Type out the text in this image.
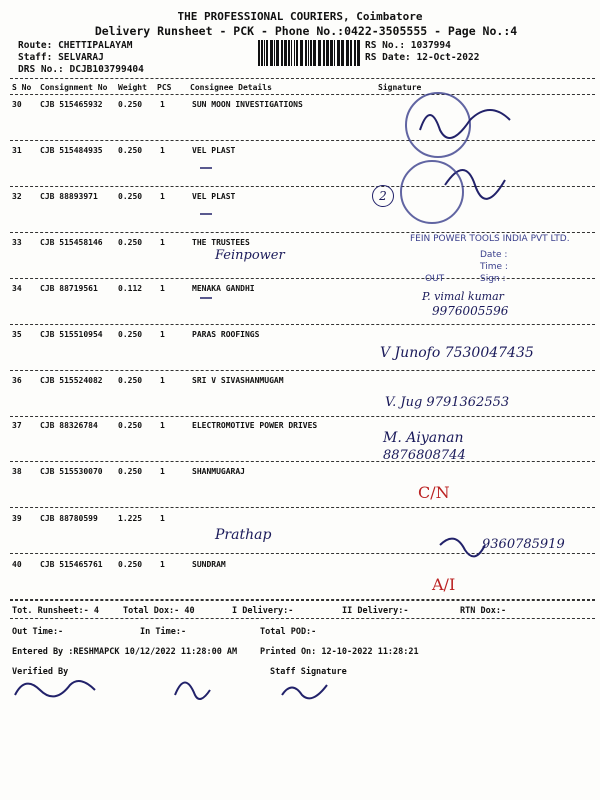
THE PROFESSIONAL COURIERS, Coimbatore
Delivery Runsheet - PCK - Phone No.:0422-3505555 - Page No.:4
Route: CHETTIPALAYAM
Staff: SELVARAJ
DRS No.: DCJB103799404
RS No.: 1037994
RS Date: 12-Oct-2022
S No Consignment No Weight PCS Consignee Details	Signature
30 CJB 515465932 0.250 1	SUN MOON INVESTIGATIONS
31 CJB 515484935 0.250 1	VEL PLAST
32 CJB 88893971	0.250 1	VEL PLAST
33 CJB 515458146 0.250 1	THE TRUSTEES
34 CJB 88719561	0.112 1	MENAKA GANDHI
35 CJB 515510954 0.250 1	PARAS ROOFINGS
36 CJB 515524082 0.250 1	SRI V SIVASHANMUGAM
37 CJB 88326784	0.250 1	ELECTROMOTIVE POWER DRIVES
38 CJB 515530070 0.250 1	SHANMUGARAJ
39 CJB 88780599	1.225 1
40 CJB 515465761 0.250 1	SUNDRAM
2
FEIN POWER TOOLS INDIA PVT LTD.
Date :
Time :
OUT	Sign :
Feinpower
P. vimal kumar
9976005596
V Junofo 7530047435
V. Jug 9791362553
M. Aiyanan
8876808744
C/N
Prathap
9360785919
A/I
Tot. Runsheet:- 4	Total Dox:- 40	I Delivery:-	II Delivery:-	RTN Dox:-
Out Time:-	In Time:-	Total POD:-
Entered By :RESHMAPCK 10/12/2022 11:28:00 AM	Printed On: 12-10-2022 11:28:21
Verified By	Staff Signature
